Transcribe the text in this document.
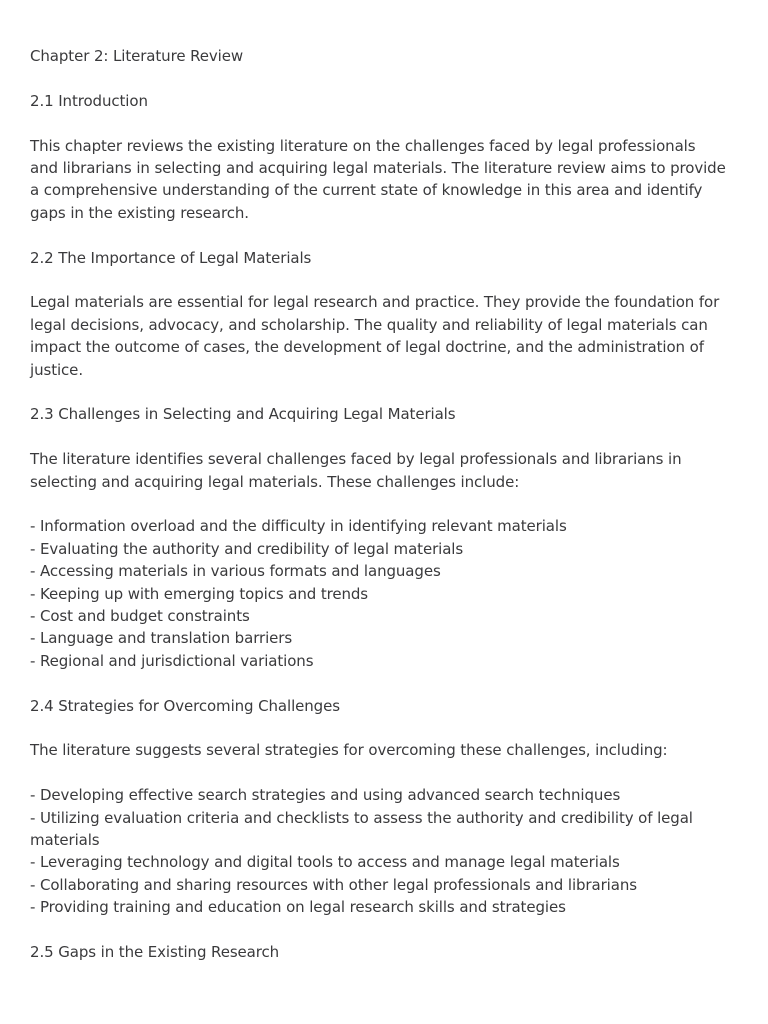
Chapter 2: Literature Review
2.1 Introduction
This chapter reviews the existing literature on the challenges faced by legal professionals
and librarians in selecting and acquiring legal materials. The literature review aims to provide
a comprehensive understanding of the current state of knowledge in this area and identify
gaps in the existing research.
2.2 The Importance of Legal Materials
Legal materials are essential for legal research and practice. They provide the foundation for
legal decisions, advocacy, and scholarship. The quality and reliability of legal materials can
impact the outcome of cases, the development of legal doctrine, and the administration of
justice.
2.3 Challenges in Selecting and Acquiring Legal Materials
The literature identifies several challenges faced by legal professionals and librarians in
selecting and acquiring legal materials. These challenges include:
- Information overload and the difficulty in identifying relevant materials
- Evaluating the authority and credibility of legal materials
- Accessing materials in various formats and languages
- Keeping up with emerging topics and trends
- Cost and budget constraints
- Language and translation barriers
- Regional and jurisdictional variations
2.4 Strategies for Overcoming Challenges
The literature suggests several strategies for overcoming these challenges, including:
- Developing effective search strategies and using advanced search techniques
- Utilizing evaluation criteria and checklists to assess the authority and credibility of legal
materials
- Leveraging technology and digital tools to access and manage legal materials
- Collaborating and sharing resources with other legal professionals and librarians
- Providing training and education on legal research skills and strategies
2.5 Gaps in the Existing Research
